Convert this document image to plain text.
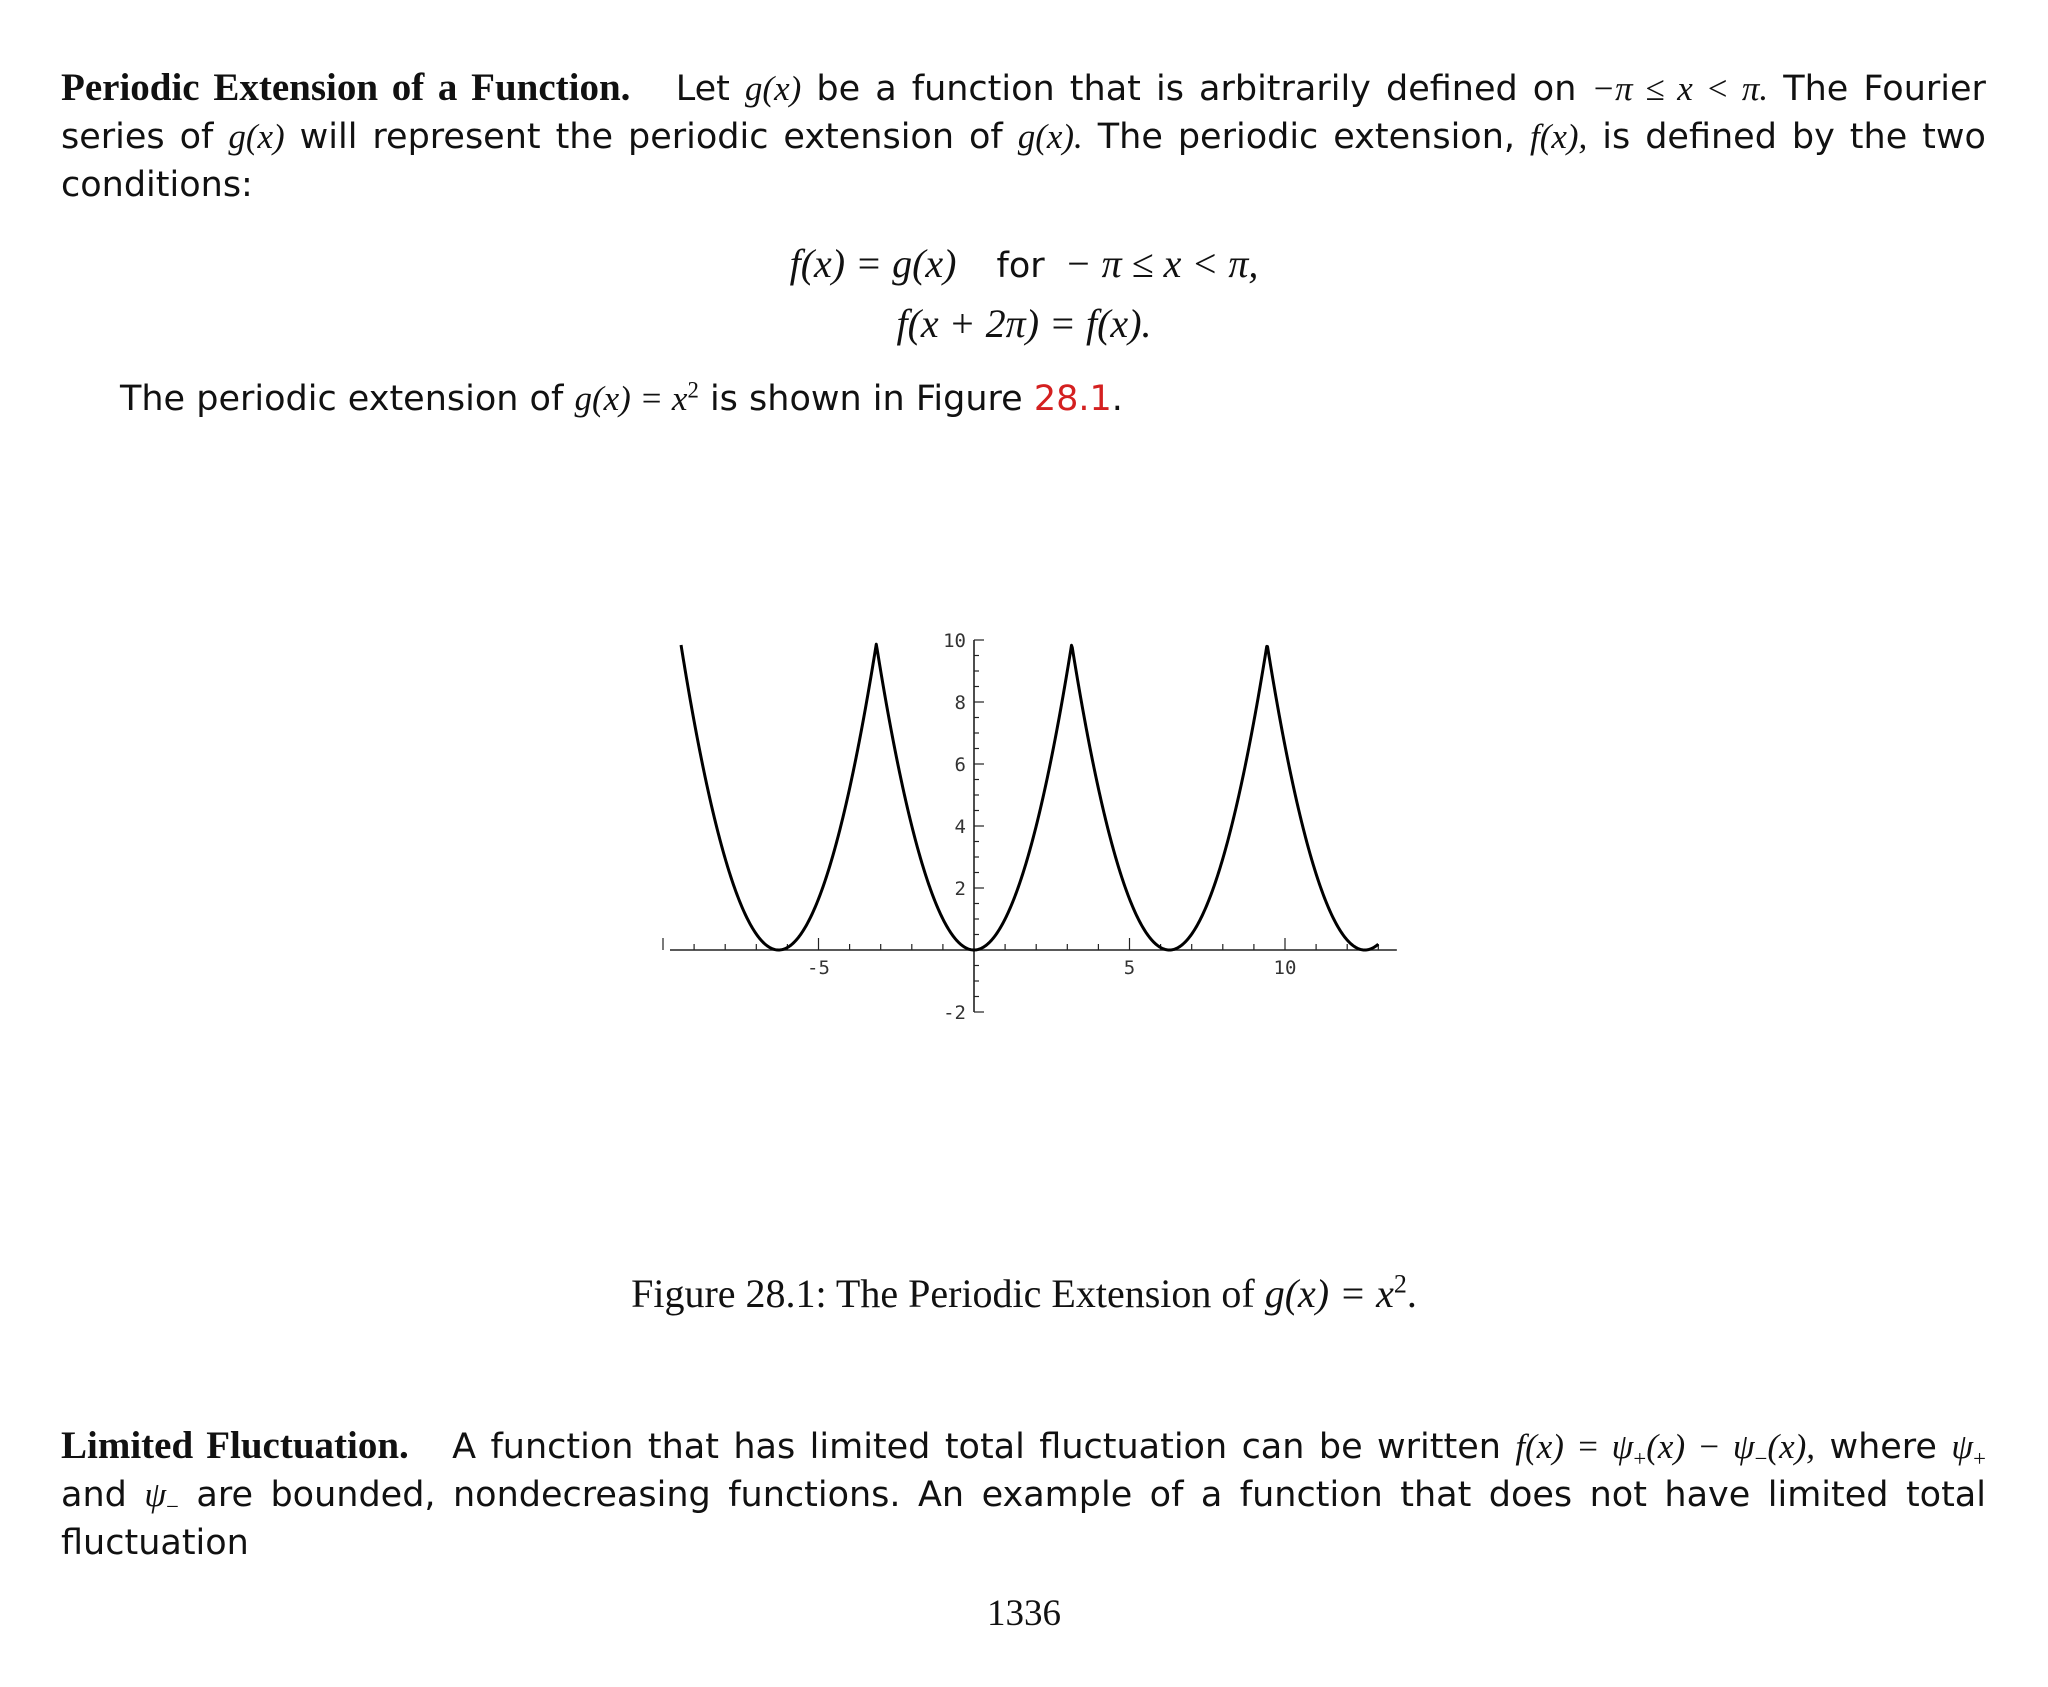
Periodic Extension of a Function. Let g(x) be a function that is arbitrarily defined on −π ≤ x < π. The Fourier series of g(x) will represent the periodic extension of g(x). The periodic extension, f(x), is defined by the two conditions:
f(x) = g(x) for − π ≤ x < π,
f(x + 2π) = f(x).
The periodic extension of $g(x) = x^2$ is shown in Figure 28.1.
-5	5	10
10
8
6
4
2
-2
Figure 28.1: The Periodic Extension of $g(x) = x^2$.
Limited Fluctuation. A function that has limited total fluctuation can be written $f(x) = \psi_+(x) - \psi_-(x)$, where $\psi_+$ and $\psi_-$ are bounded, nondecreasing functions. An example of a function that does not have limited total fluctuation
1336
